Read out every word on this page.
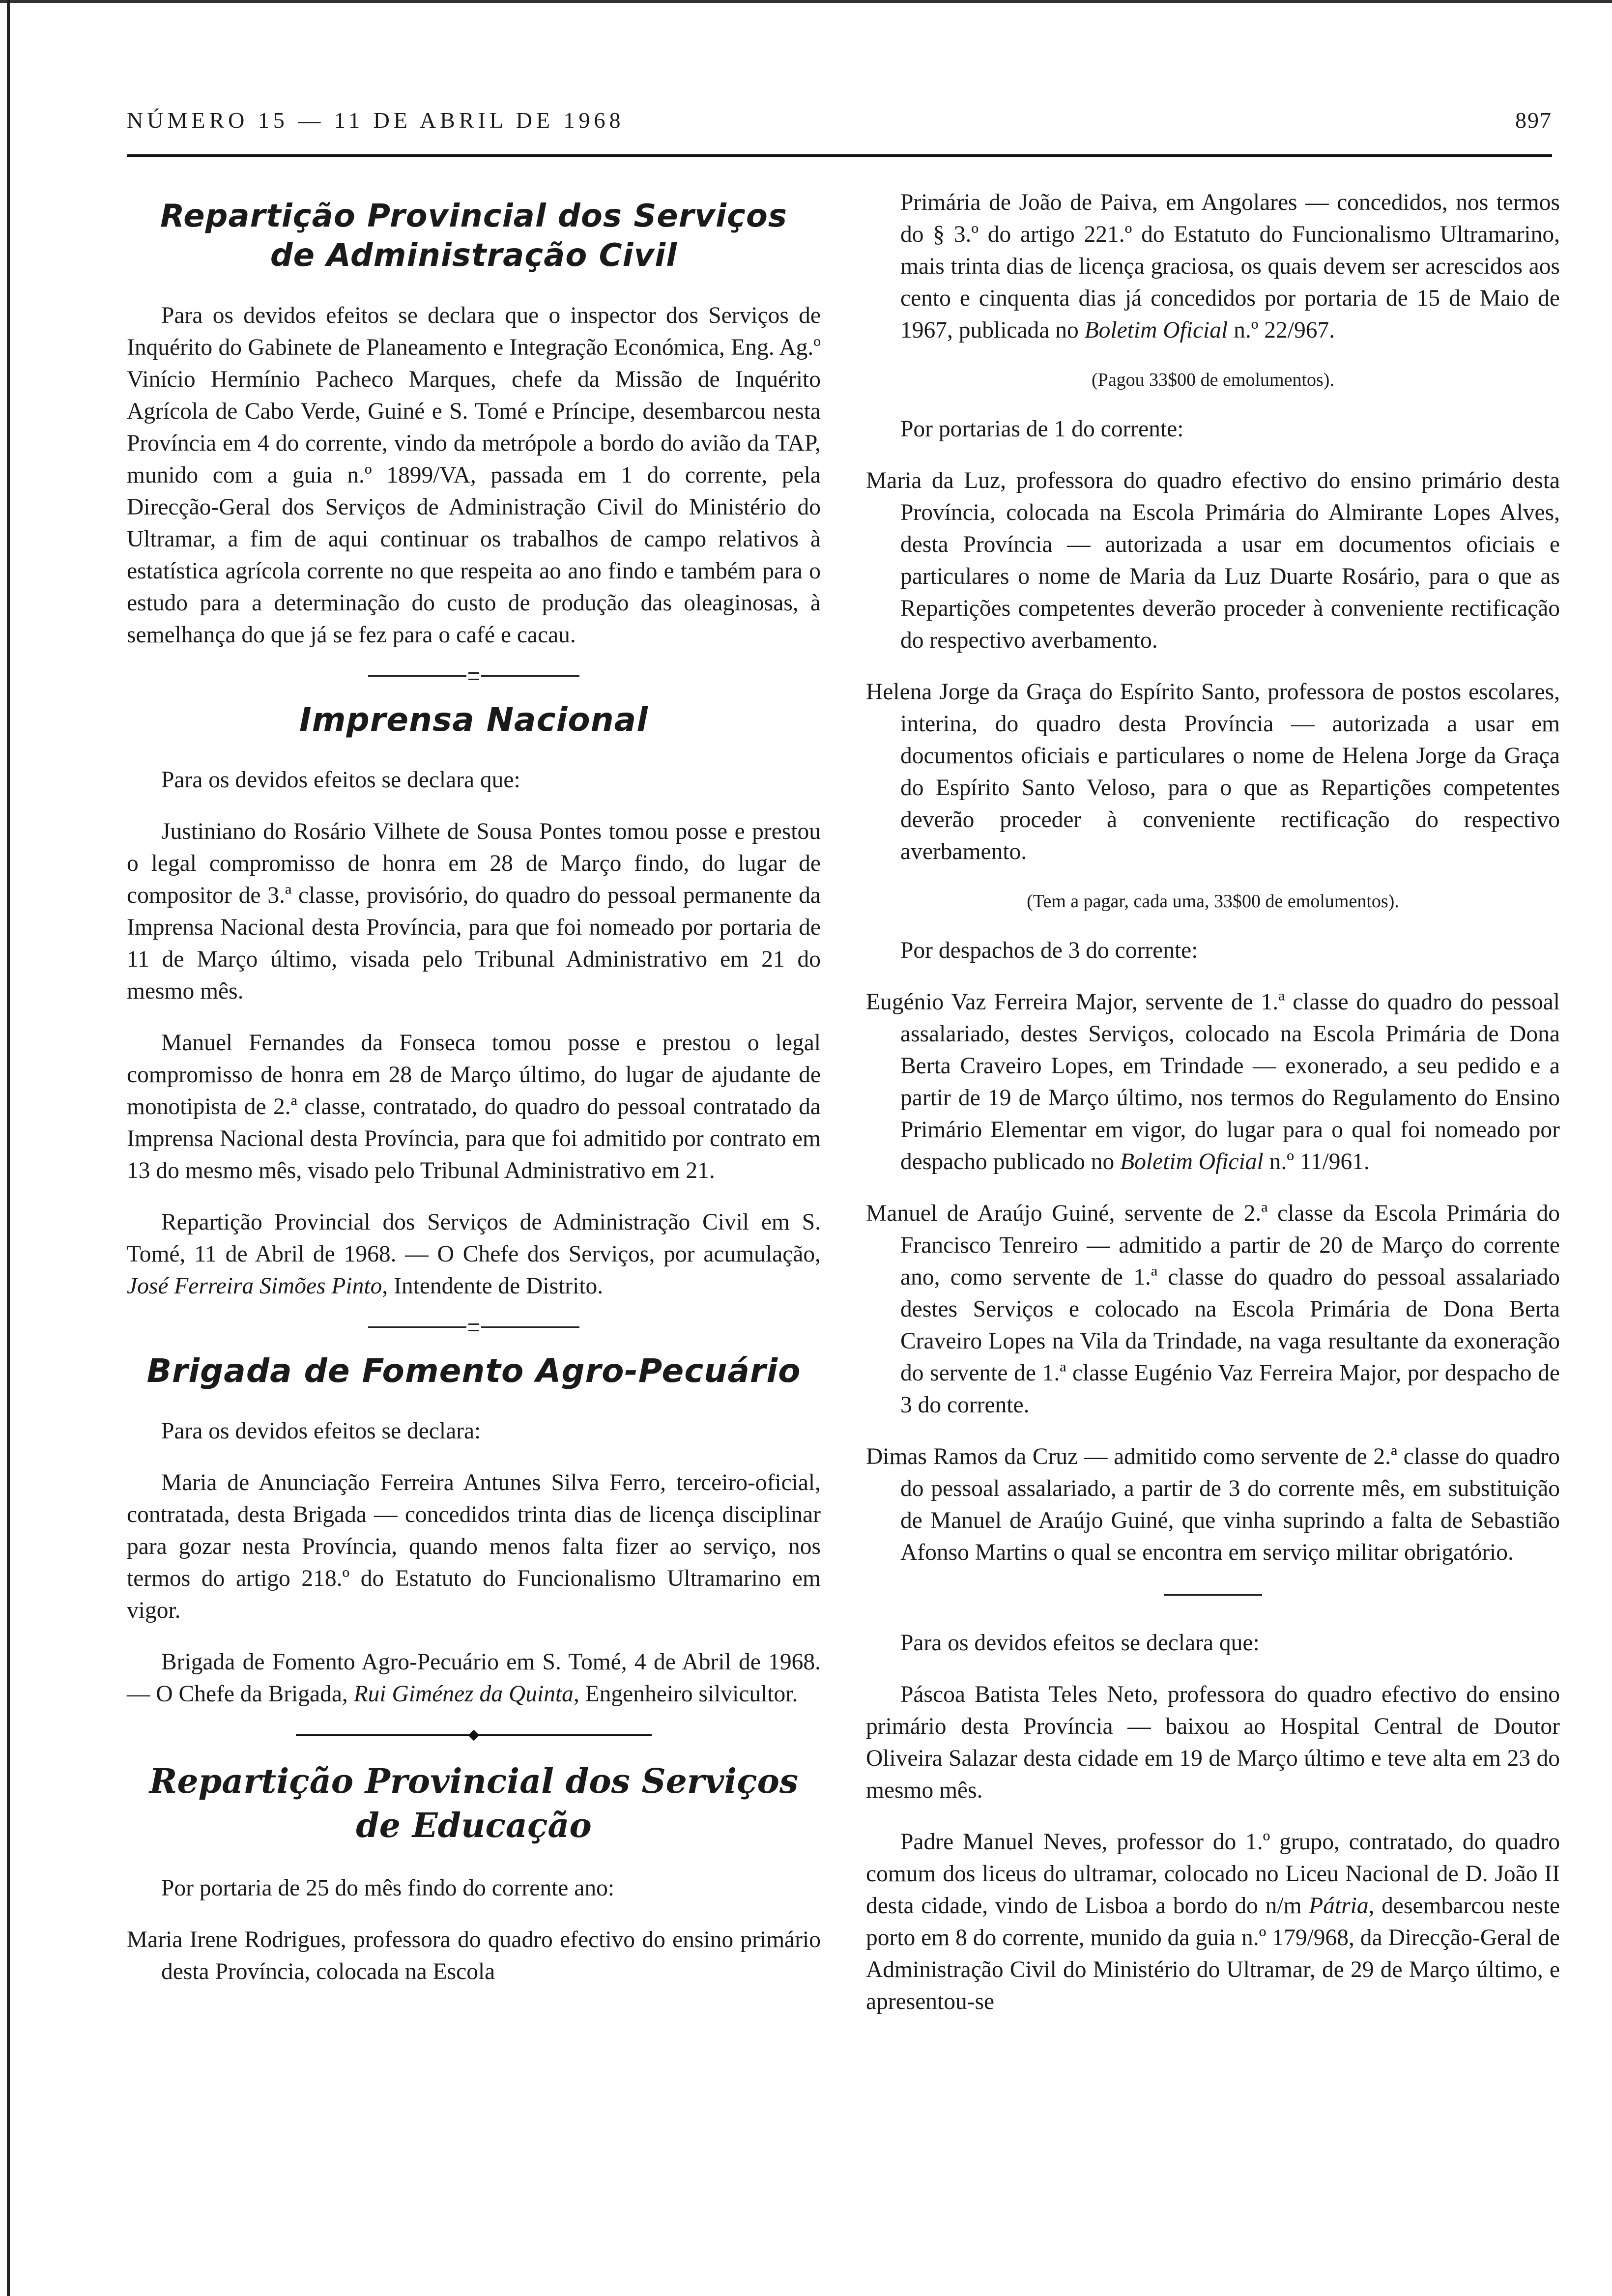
NÚMERO 15 — 11 DE ABRIL DE 1968	897
Repartição Provincial dos Serviços
de Administração Civil

Para os devidos efeitos se declara que o inspector dos Serviços de Inquérito do Gabinete de Planeamento e Integração Económica, Eng. Ag.º Vinício Hermínio Pacheco Marques, chefe da Missão de Inquérito Agrícola de Cabo Verde, Guiné e S. Tomé e Príncipe, desembarcou nesta Província em 4 do corrente, vindo da metrópole a bordo do avião da TAP, munido com a guia n.º 1899/VA, passada em 1 do corrente, pela Direcção-Geral dos Serviços de Administração Civil do Ministério do Ultramar, a fim de aqui continuar os trabalhos de campo relativos à estatística agrícola corrente no que respeita ao ano findo e também para o estudo para a determinação do custo de produção das oleaginosas, à semelhança do que já se fez para o café e cacau.

Imprensa Nacional

Para os devidos efeitos se declara que:

Justiniano do Rosário Vilhete de Sousa Pontes tomou posse e prestou o legal compromisso de honra em 28 de Março findo, do lugar de compositor de 3.ª classe, provisório, do quadro do pessoal permanente da Imprensa Nacional desta Província, para que foi nomeado por portaria de 11 de Março último, visada pelo Tribunal Administrativo em 21 do mesmo mês.

Manuel Fernandes da Fonseca tomou posse e prestou o legal compromisso de honra em 28 de Março último, do lugar de ajudante de monotipista de 2.ª classe, contratado, do quadro do pessoal contratado da Imprensa Nacional desta Província, para que foi admitido por contrato em 13 do mesmo mês, visado pelo Tribunal Administrativo em 21.

Repartição Provincial dos Serviços de Administração Civil em S. Tomé, 11 de Abril de 1968. — O Chefe dos Serviços, por acumulação, José Ferreira Simões Pinto, Intendente de Distrito.

Brigada de Fomento Agro-Pecuário

Para os devidos efeitos se declara:

Maria de Anunciação Ferreira Antunes Silva Ferro, terceiro-oficial, contratada, desta Brigada — concedidos trinta dias de licença disciplinar para gozar nesta Província, quando menos falta fizer ao serviço, nos termos do artigo 218.º do Estatuto do Funcionalismo Ultramarino em vigor.

Brigada de Fomento Agro-Pecuário em S. Tomé, 4 de Abril de 1968. — O Chefe da Brigada, Rui Giménez da Quinta, Engenheiro silvicultor.

Repartição Provincial dos Serviços
de Educação

Por portaria de 25 do mês findo do corrente ano:

Maria Irene Rodrigues, professora do quadro efectivo do ensino primário desta Província, colocada na Escola

Primária de João de Paiva, em Angolares — concedidos, nos termos do § 3.º do artigo 221.º do Estatuto do Funcionalismo Ultramarino, mais trinta dias de licença graciosa, os quais devem ser acrescidos aos cento e cinquenta dias já concedidos por portaria de 15 de Maio de 1967, publicada no Boletim Oficial n.º 22/967.

(Pagou 33$00 de emolumentos).

Por portarias de 1 do corrente:

Maria da Luz, professora do quadro efectivo do ensino primário desta Província, colocada na Escola Primária do Almirante Lopes Alves, desta Província — autorizada a usar em documentos oficiais e particulares o nome de Maria da Luz Duarte Rosário, para o que as Repartições competentes deverão proceder à conveniente rectificação do respectivo averbamento.

Helena Jorge da Graça do Espírito Santo, professora de postos escolares, interina, do quadro desta Província — autorizada a usar em documentos oficiais e particulares o nome de Helena Jorge da Graça do Espírito Santo Veloso, para o que as Repartições competentes deverão proceder à conveniente rectificação do respectivo averbamento.

(Tem a pagar, cada uma, 33$00 de emolumentos).

Por despachos de 3 do corrente:

Eugénio Vaz Ferreira Major, servente de 1.ª classe do quadro do pessoal assalariado, destes Serviços, colocado na Escola Primária de Dona Berta Craveiro Lopes, em Trindade — exonerado, a seu pedido e a partir de 19 de Março último, nos termos do Regulamento do Ensino Primário Elementar em vigor, do lugar para o qual foi nomeado por despacho publicado no Boletim Oficial n.º 11/961.

Manuel de Araújo Guiné, servente de 2.ª classe da Escola Primária do Francisco Tenreiro — admitido a partir de 20 de Março do corrente ano, como servente de 1.ª classe do quadro do pessoal assalariado destes Serviços e colocado na Escola Primária de Dona Berta Craveiro Lopes na Vila da Trindade, na vaga resultante da exoneração do servente de 1.ª classe Eugénio Vaz Ferreira Major, por despacho de 3 do corrente.

Dimas Ramos da Cruz — admitido como servente de 2.ª classe do quadro do pessoal assalariado, a partir de 3 do corrente mês, em substituição de Manuel de Araújo Guiné, que vinha suprindo a falta de Sebastião Afonso Martins o qual se encontra em serviço militar obrigatório.

Para os devidos efeitos se declara que:

Páscoa Batista Teles Neto, professora do quadro efectivo do ensino primário desta Província — baixou ao Hospital Central de Doutor Oliveira Salazar desta cidade em 19 de Março último e teve alta em 23 do mesmo mês.

Padre Manuel Neves, professor do 1.º grupo, contratado, do quadro comum dos liceus do ultramar, colocado no Liceu Nacional de D. João II desta cidade, vindo de Lisboa a bordo do n/m Pátria, desembarcou neste porto em 8 do corrente, munido da guia n.º 179/968, da Direcção-Geral de Administração Civil do Ministério do Ultramar, de 29 de Março último, e apresentou-se
